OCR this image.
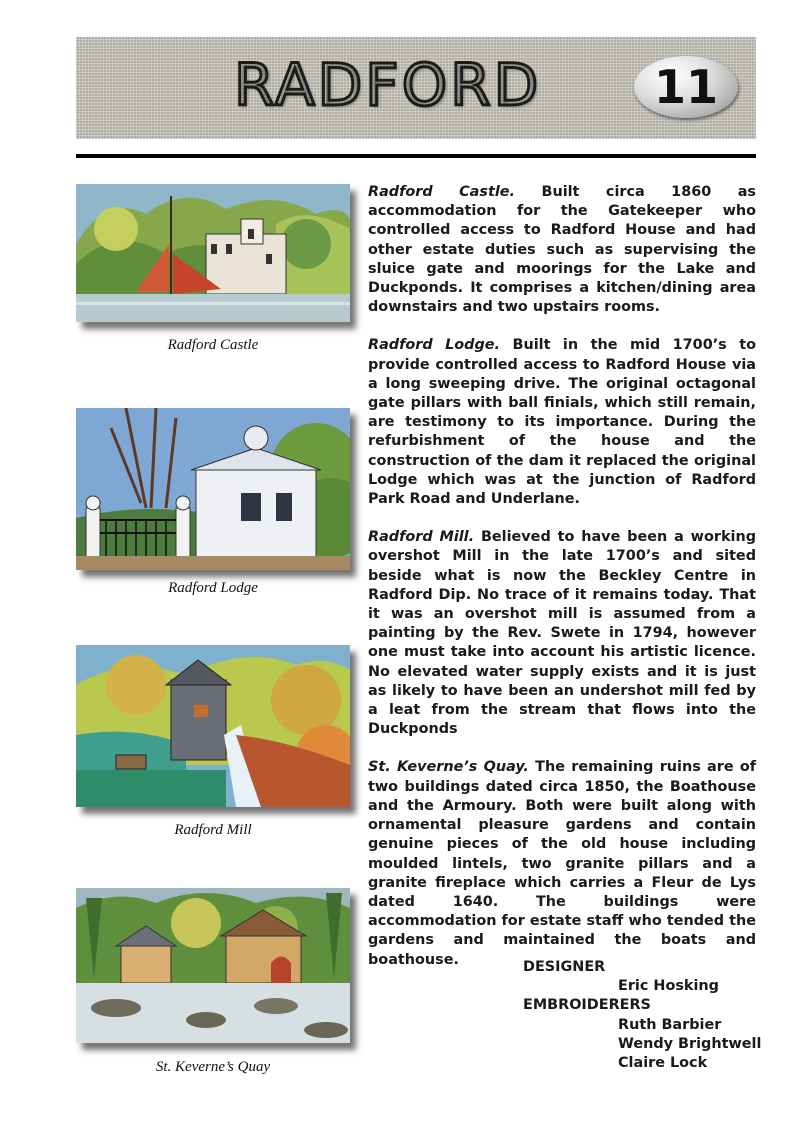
RADFORD 11
Radford Castle
Radford Lodge
Radford Mill
St. Keverne’s Quay

Radford Castle. Built circa 1860 as accommodation for the Gatekeeper who controlled access to Radford House and had other estate duties such as supervising the sluice gate and moorings for the Lake and Duckponds. It comprises a kitchen/dining area downstairs and two upstairs rooms.

Radford Lodge. Built in the mid 1700’s to provide controlled access to Radford House via a long sweeping drive. The original octagonal gate pillars with ball finials, which still remain, are testimony to its importance. During the refurbishment of the house and the construction of the dam it replaced the original Lodge which was at the junction of Radford Park Road and Underlane.

Radford Mill. Believed to have been a working overshot Mill in the late 1700’s and sited beside what is now the Beckley Centre in Radford Dip. No trace of it remains today. That it was an overshot mill is assumed from a painting by the Rev. Swete in 1794, however one must take into account his artistic licence. No elevated water supply exists and it is just as likely to have been an undershot mill fed by a leat from the stream that flows into the Duckponds

St. Keverne’s Quay. The remaining ruins are of two buildings dated circa 1850, the Boathouse and the Armoury. Both were built along with ornamental pleasure gardens and contain genuine pieces of the old house including moulded lintels, two granite pillars and a granite fireplace which carries a Fleur de Lys dated 1640. The buildings were accommodation for estate staff who tended the gardens and maintained the boats and boathouse.	DESIGNER
Eric Hosking
EMBROIDERERS
Ruth Barbier
Wendy Brightwell
Claire Lock
